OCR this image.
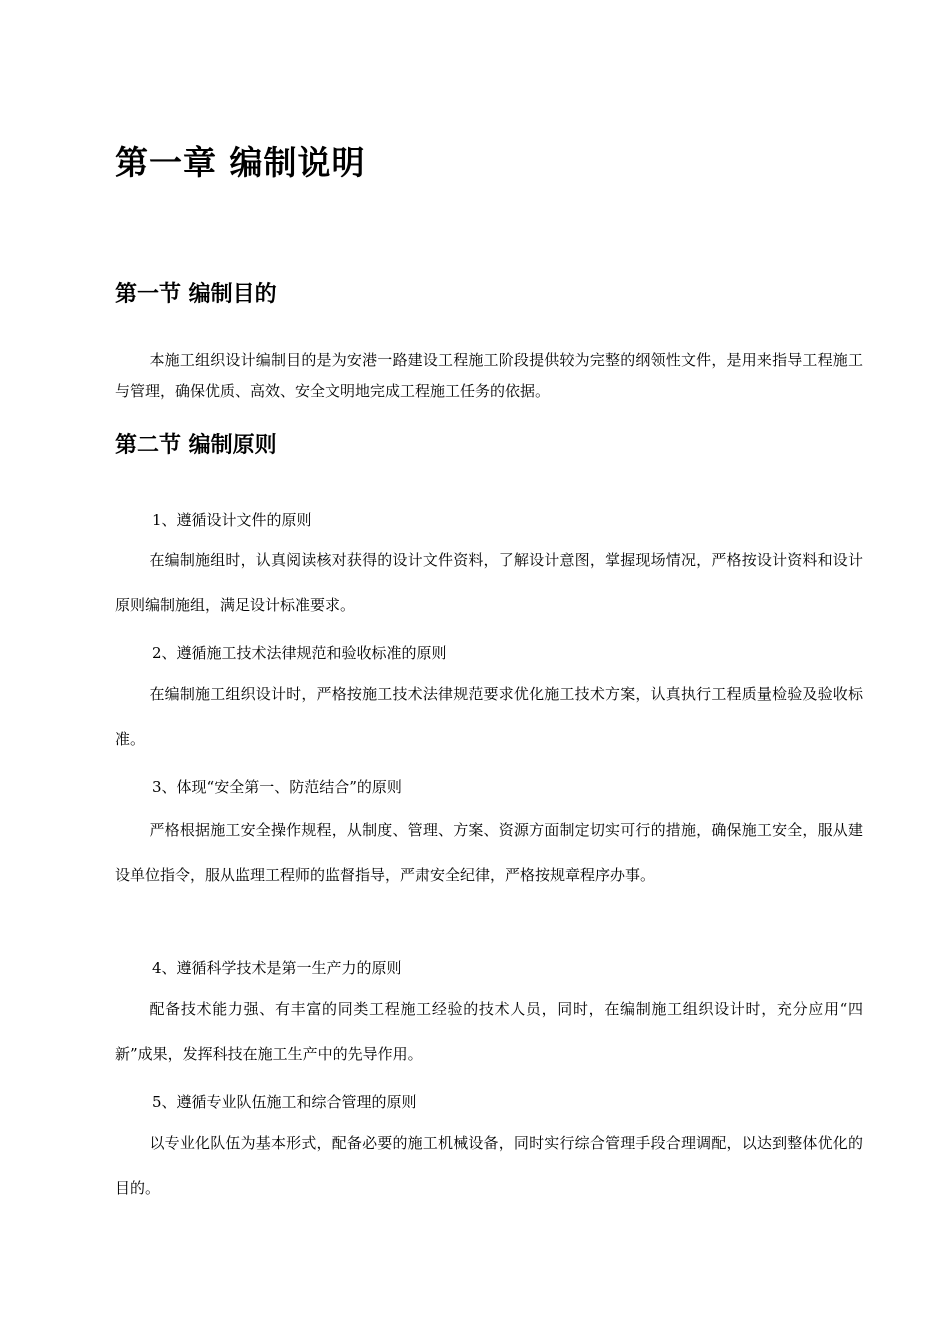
第一章 编制说明
第一节 编制目的

本施工组织设计编制目的是为安港一路建设工程施工阶段提供较为完整的纲领性文件，是用来指导工程施工与管理，确保优质、高效、安全文明地完成工程施工任务的依据。

第二节 编制原则

1、遵循设计文件的原则

在编制施组时，认真阅读核对获得的设计文件资料，了解设计意图，掌握现场情况，严格按设计资料和设计原则编制施组，满足设计标准要求。

2、遵循施工技术法律规范和验收标准的原则

在编制施工组织设计时，严格按施工技术法律规范要求优化施工技术方案，认真执行工程质量检验及验收标准。

3、体现“安全第一、防范结合”的原则

严格根据施工安全操作规程，从制度、管理、方案、资源方面制定切实可行的措施，确保施工安全，服从建设单位指令，服从监理工程师的监督指导，严肃安全纪律，严格按规章程序办事。

4、遵循科学技术是第一生产力的原则

配备技术能力强、有丰富的同类工程施工经验的技术人员，同时，在编制施工组织设计时，充分应用“四新”成果，发挥科技在施工生产中的先导作用。

5、遵循专业队伍施工和综合管理的原则

以专业化队伍为基本形式，配备必要的施工机械设备，同时实行综合管理手段合理调配，以达到整体优化的目的。
